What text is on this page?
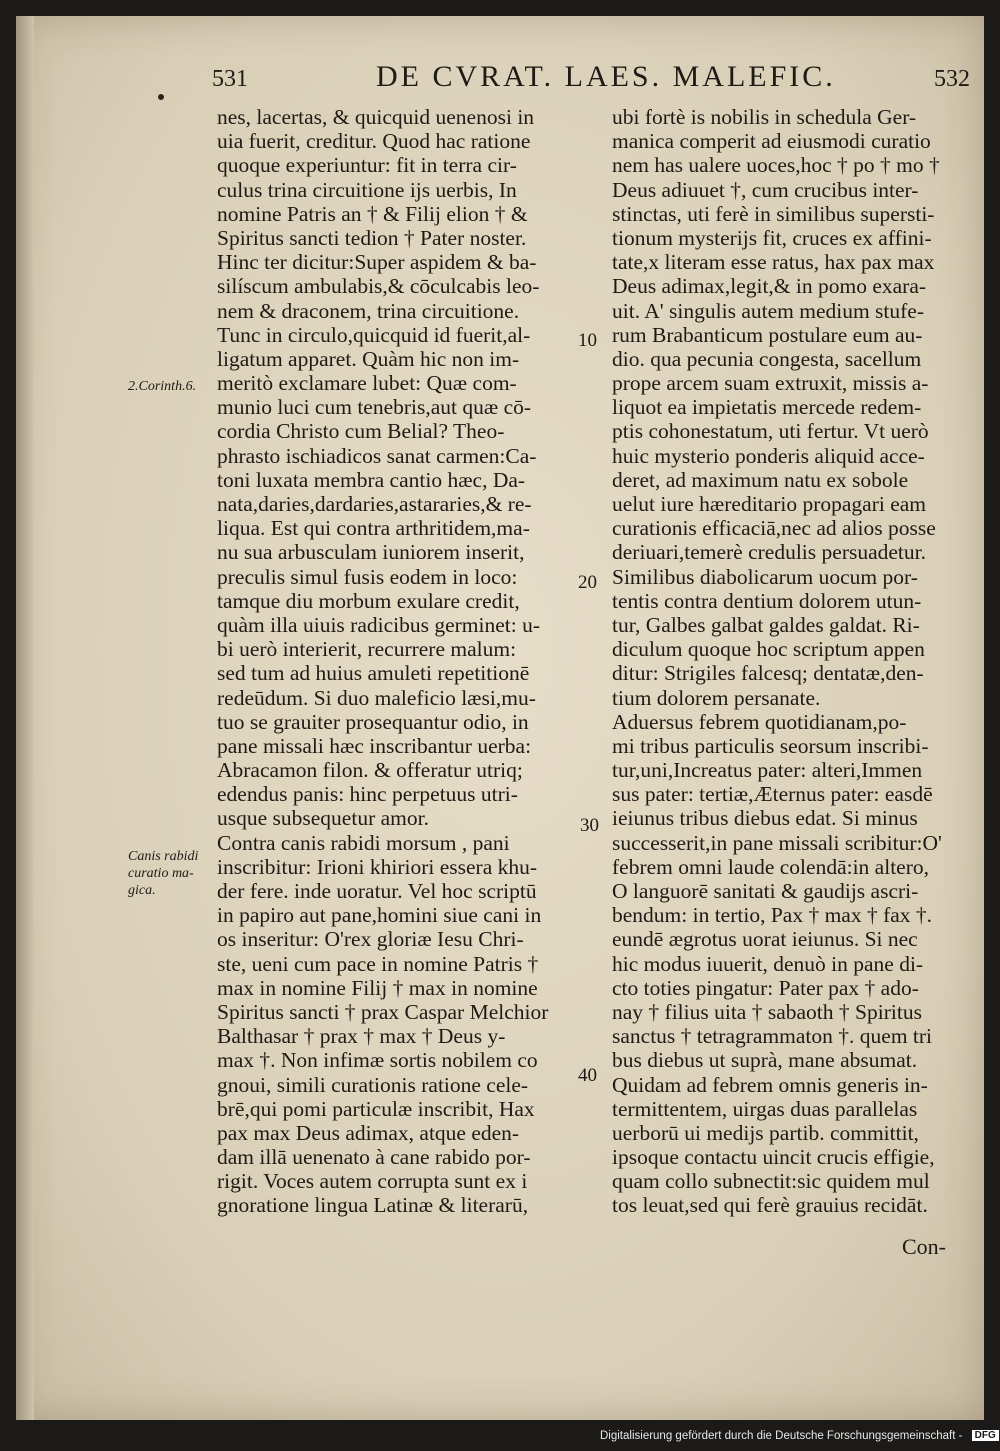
531	DE CVRAT. LAES. MALEFIC.	532
nes, lacertas, & quicquid uenenosi in
uia fuerit, creditur. Quod hac ratione
quoque experiuntur: fit in terra cir-
culus trina circuitione ijs uerbis, In
nomine Patris an † & Filij elion † &
Spiritus sancti tedion † Pater noster.
Hinc ter dicitur:Super aspidem & ba-
silíscum ambulabis,& cōculcabis leo-
nem & draconem, trina circuitione.
Tunc in circulo,quicquid id fuerit,al-
ligatum apparet. Quàm hic non im-
meritò exclamare lubet: Quæ com-
munio luci cum tenebris,aut quæ cō-
cordia Christo cum Belial? Theo-
phrasto ischiadicos sanat carmen:Ca-
toni luxata membra cantio hæc, Da-
nata,daries,dardaries,astararies,& re-
liqua. Est qui contra arthritidem,ma-
nu sua arbusculam iuniorem inserit,
preculis simul fusis eodem in loco:
tamque diu morbum exulare credit,
quàm illa uiuis radicibus germinet: u-
bi uerò interierit, recurrere malum:
sed tum ad huius amuleti repetitionē
redeūdum. Si duo maleficio læsi,mu-
tuo se grauiter prosequantur odio, in
pane missali hæc inscribantur uerba:
Abracamon filon. & offeratur utriq;
edendus panis: hinc perpetuus utri-
usque subsequetur amor.
Contra canis rabidi morsum , pani
inscribitur: Irioni khiriori essera khu-
der fere. inde uoratur. Vel hoc scriptū
in papiro aut pane,homini siue cani in
os inseritur: O'rex gloriæ Iesu Chri-
ste, ueni cum pace in nomine Patris †
max in nomine Filij † max in nomine
Spiritus sancti † prax Caspar Melchior
Balthasar † prax † max † Deus y-
max †. Non infimæ sortis nobilem co
gnoui, simili curationis ratione cele-
brē,qui pomi particulæ inscribit, Hax
pax max Deus adimax, atque eden-
dam illā uenenato à cane rabido por-
rigit. Voces autem corrupta sunt ex i
gnoratione lingua Latinæ & literarū,
ubi fortè is nobilis in schedula Ger-
manica comperit ad eiusmodi curatio
nem has ualere uoces,hoc † po † mo †
Deus adiuuet †, cum crucibus inter-
stinctas, uti ferè in similibus supersti-
tionum mysterijs fit, cruces ex affini-
tate,x literam esse ratus, hax pax max
Deus adimax,legit,& in pomo exara-
uit. A' singulis autem medium stufe-
rum Brabanticum postulare eum au-
dio. qua pecunia congesta, sacellum
prope arcem suam extruxit, missis a-
liquot ea impietatis mercede redem-
ptis cohonestatum, uti fertur. Vt uerò
huic mysterio ponderis aliquid acce-
deret, ad maximum natu ex sobole
uelut iure hæreditario propagari eam
curationis efficaciā,nec ad alios posse
deriuari,temerè credulis persuadetur.
Similibus diabolicarum uocum por-
tentis contra dentium dolorem utun-
tur, Galbes galbat galdes galdat. Ri-
diculum quoque hoc scriptum appen
ditur: Strigiles falcesq; dentatæ,den-
tium dolorem persanate.
Aduersus febrem quotidianam,po-
mi tribus particulis seorsum inscribi-
tur,uni,Increatus pater: alteri,Immen
sus pater: tertiæ,Æternus pater: easdē
ieiunus tribus diebus edat. Si minus
successerit,in pane missali scribitur:O'
febrem omni laude colendā:in altero,
O languorē sanitati & gaudijs ascri-
bendum: in tertio, Pax † max † fax †.
eundē ægrotus uorat ieiunus. Si nec
hic modus iuuerit, denuò in pane di-
cto toties pingatur: Pater pax † ado-
nay † filius uita † sabaoth † Spiritus
sanctus † tetragrammaton †. quem tri
bus diebus ut suprà, mane absumat.
Quidam ad febrem omnis generis in-
termittentem, uirgas duas parallelas
uerborū ui medijs partib. committit,
ipsoque contactu uincit crucis effigie,
quam collo subnectit:sic quidem mul
tos leuat,sed qui ferè grauius recidāt.
2.Corinth.6.
Canis rabidi
curatio ma-
gica.
10
20
30
40
Con-
Digitalisierung gefördert durch die Deutsche Forschungsgemeinschaft - DFG
